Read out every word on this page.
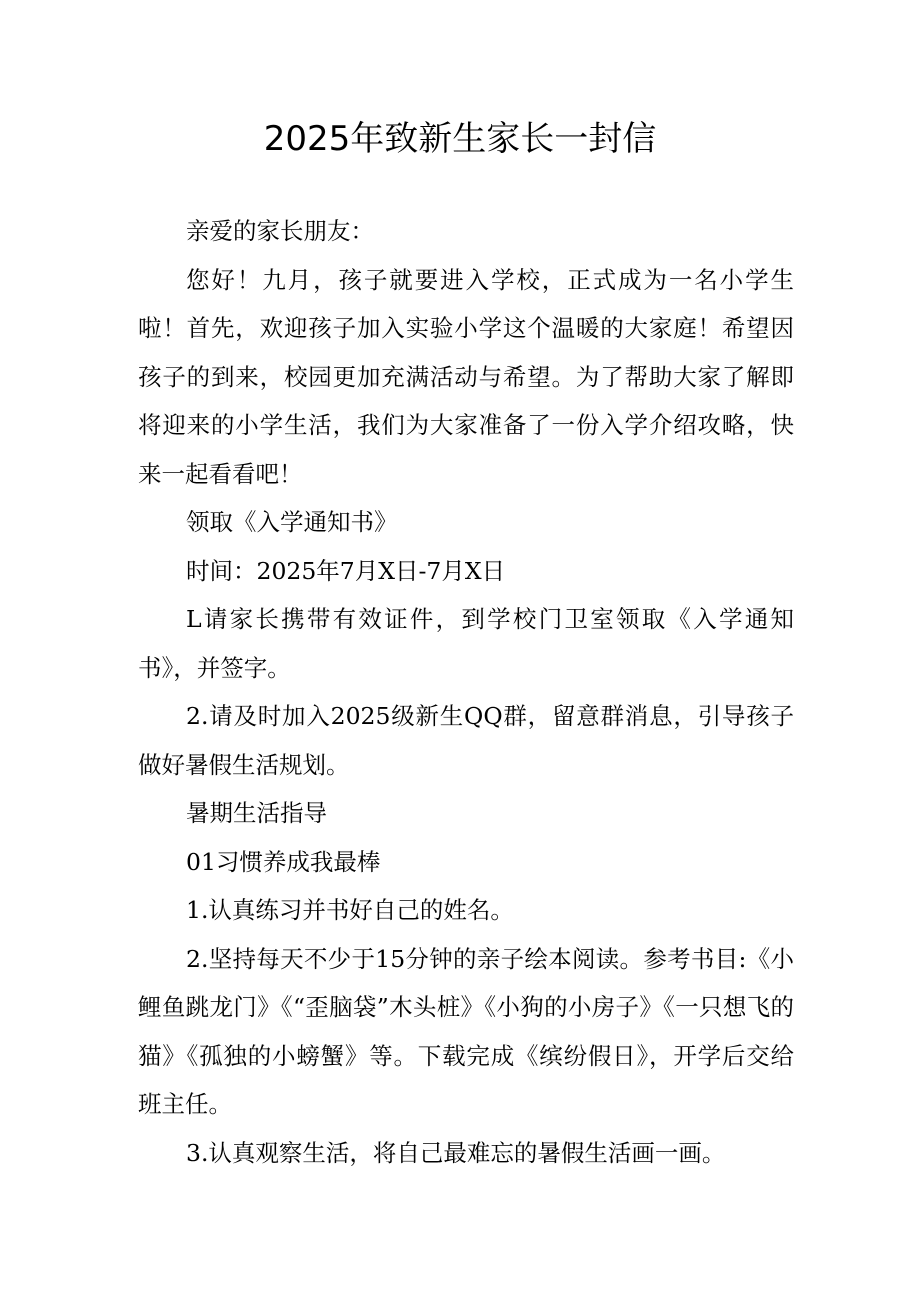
2025年致新生家长一封信

亲爱的家长朋友：

您好！九月，孩子就要进入学校，正式成为一名小学生啦！首先，欢迎孩子加入实验小学这个温暖的大家庭！希望因孩子的到来，校园更加充满活动与希望。为了帮助大家了解即将迎来的小学生活，我们为大家准备了一份入学介绍攻略，快来一起看看吧！

领取《入学通知书》

时间：2025年7月X日-7月X日

L请家长携带有效证件，到学校门卫室领取《入学通知书》，并签字。

2.请及时加入2025级新生QQ群，留意群消息，引导孩子做好暑假生活规划。

暑期生活指导

01习惯养成我最棒

1.认真练习并书好自己的姓名。

2.坚持每天不少于15分钟的亲子绘本阅读。参考书目:《小鲤鱼跳龙门》《“歪脑袋”木头桩》《小狗的小房子》《一只想飞的猫》《孤独的小螃蟹》等。下载完成《缤纷假日》，开学后交给班主任。

3.认真观察生活，将自己最难忘的暑假生活画一画。
